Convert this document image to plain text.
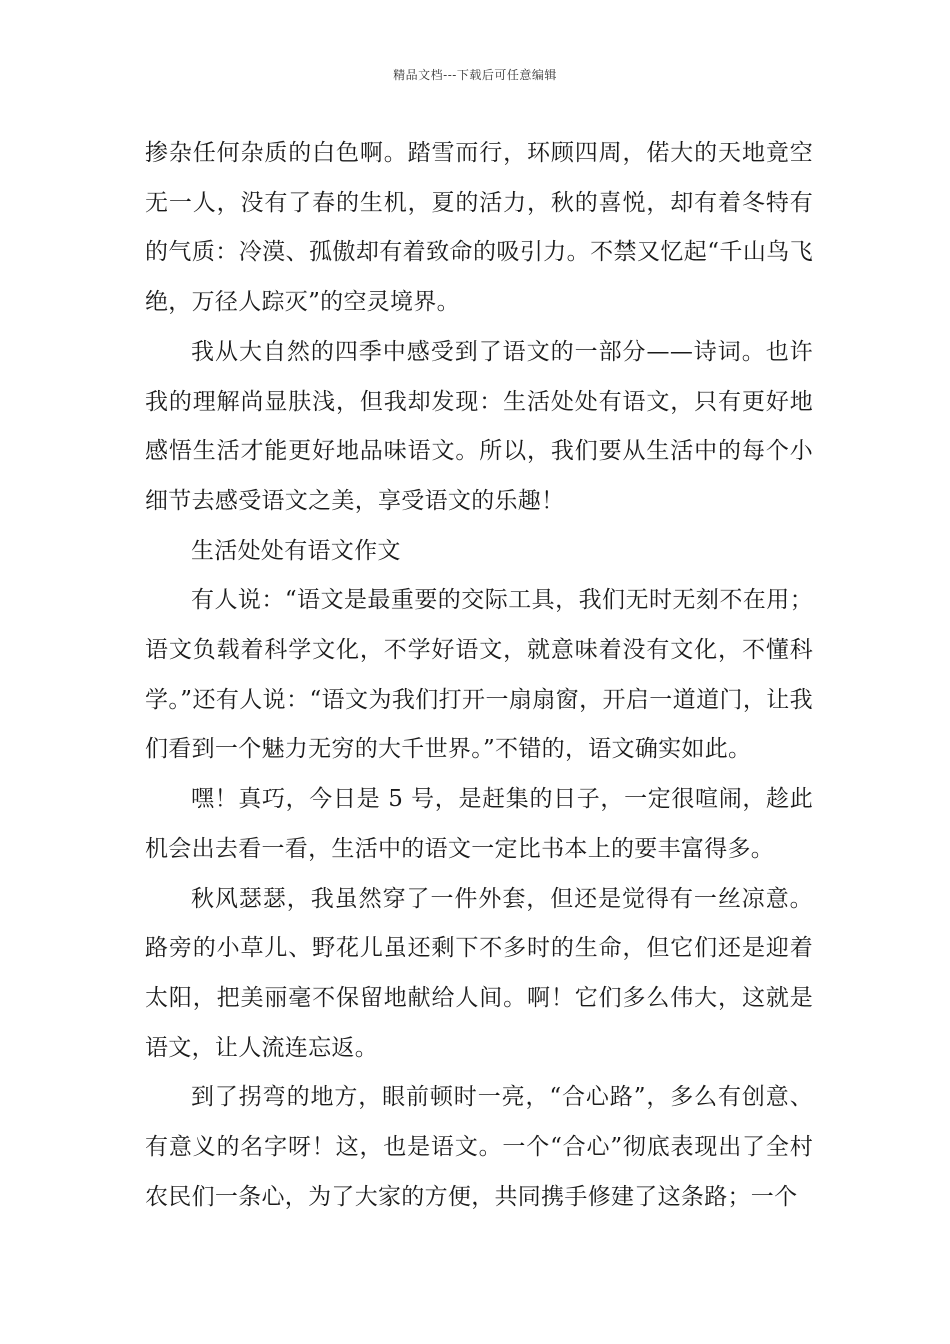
精品文档---下载后可任意编辑

掺杂任何杂质的白色啊。踏雪而行，环顾四周，偌大的天地竟空无一人，没有了春的生机，夏的活力，秋的喜悦，却有着冬特有的气质：冷漠、孤傲却有着致命的吸引力。不禁又忆起“千山鸟飞绝，万径人踪灭”的空灵境界。

我从大自然的四季中感受到了语文的一部分——诗词。也许我的理解尚显肤浅，但我却发现：生活处处有语文，只有更好地感悟生活才能更好地品味语文。所以，我们要从生活中的每个小细节去感受语文之美，享受语文的乐趣！

生活处处有语文作文

有人说：“语文是最重要的交际工具，我们无时无刻不在用；语文负载着科学文化，不学好语文，就意味着没有文化，不懂科学。”还有人说：“语文为我们打开一扇扇窗，开启一道道门，让我们看到一个魅力无穷的大千世界。”不错的，语文确实如此。

嘿！真巧，今日是 5 号，是赶集的日子，一定很喧闹，趁此机会出去看一看，生活中的语文一定比书本上的要丰富得多。

秋风瑟瑟，我虽然穿了一件外套，但还是觉得有一丝凉意。路旁的小草儿、野花儿虽还剩下不多时的生命，但它们还是迎着太阳，把美丽毫不保留地献给人间。啊！它们多么伟大，这就是语文，让人流连忘返。

到了拐弯的地方，眼前顿时一亮，“合心路”，多么有创意、有意义的名字呀！这，也是语文。一个“合心”彻底表现出了全村农民们一条心，为了大家的方便，共同携手修建了这条路；一个
